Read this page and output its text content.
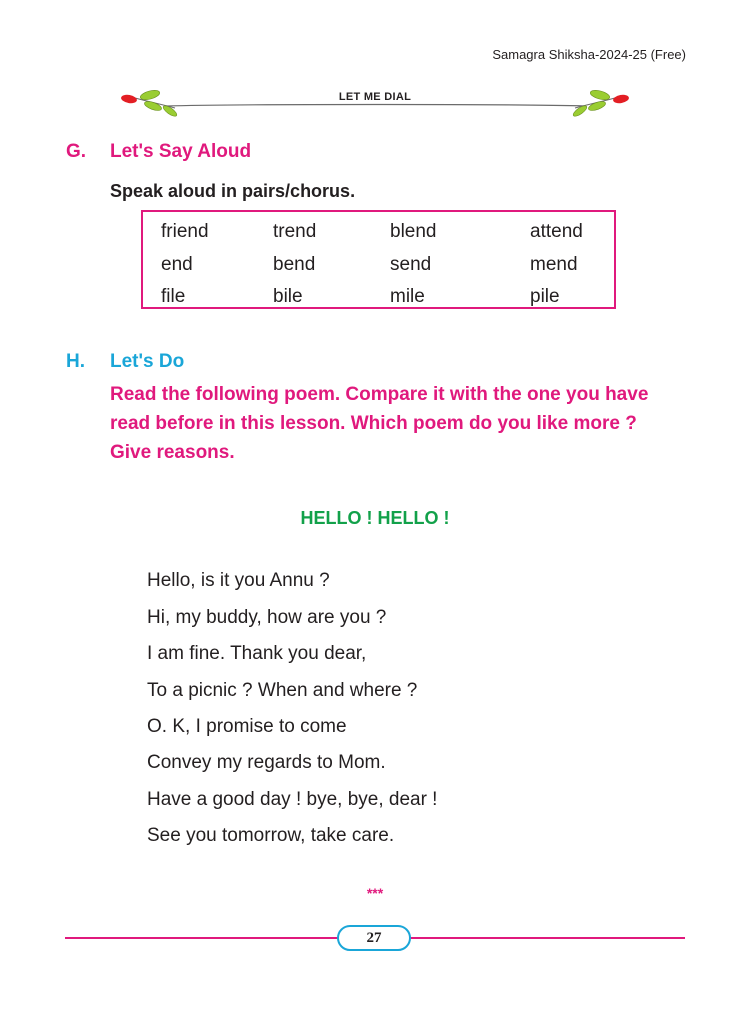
Samagra Shiksha-2024-25 (Free)
LET ME DIAL
G. Let's Say Aloud
Speak aloud in pairs/chorus.
friend	trend	blend	attend
end	bend	send	mend
file	bile	mile	pile
H. Let's Do
Read the following poem. Compare it with the one you have
read before in this lesson. Which poem do you like more ?
Give reasons.
HELLO ! HELLO !
Hello, is it you Annu ?
Hi, my buddy, how are you ?
I am fine. Thank you dear,
To a picnic ? When and where ?
O. K, I promise to come
Convey my regards to Mom.
Have a good day ! bye, bye, dear !
See you tomorrow, take care.
***
27
